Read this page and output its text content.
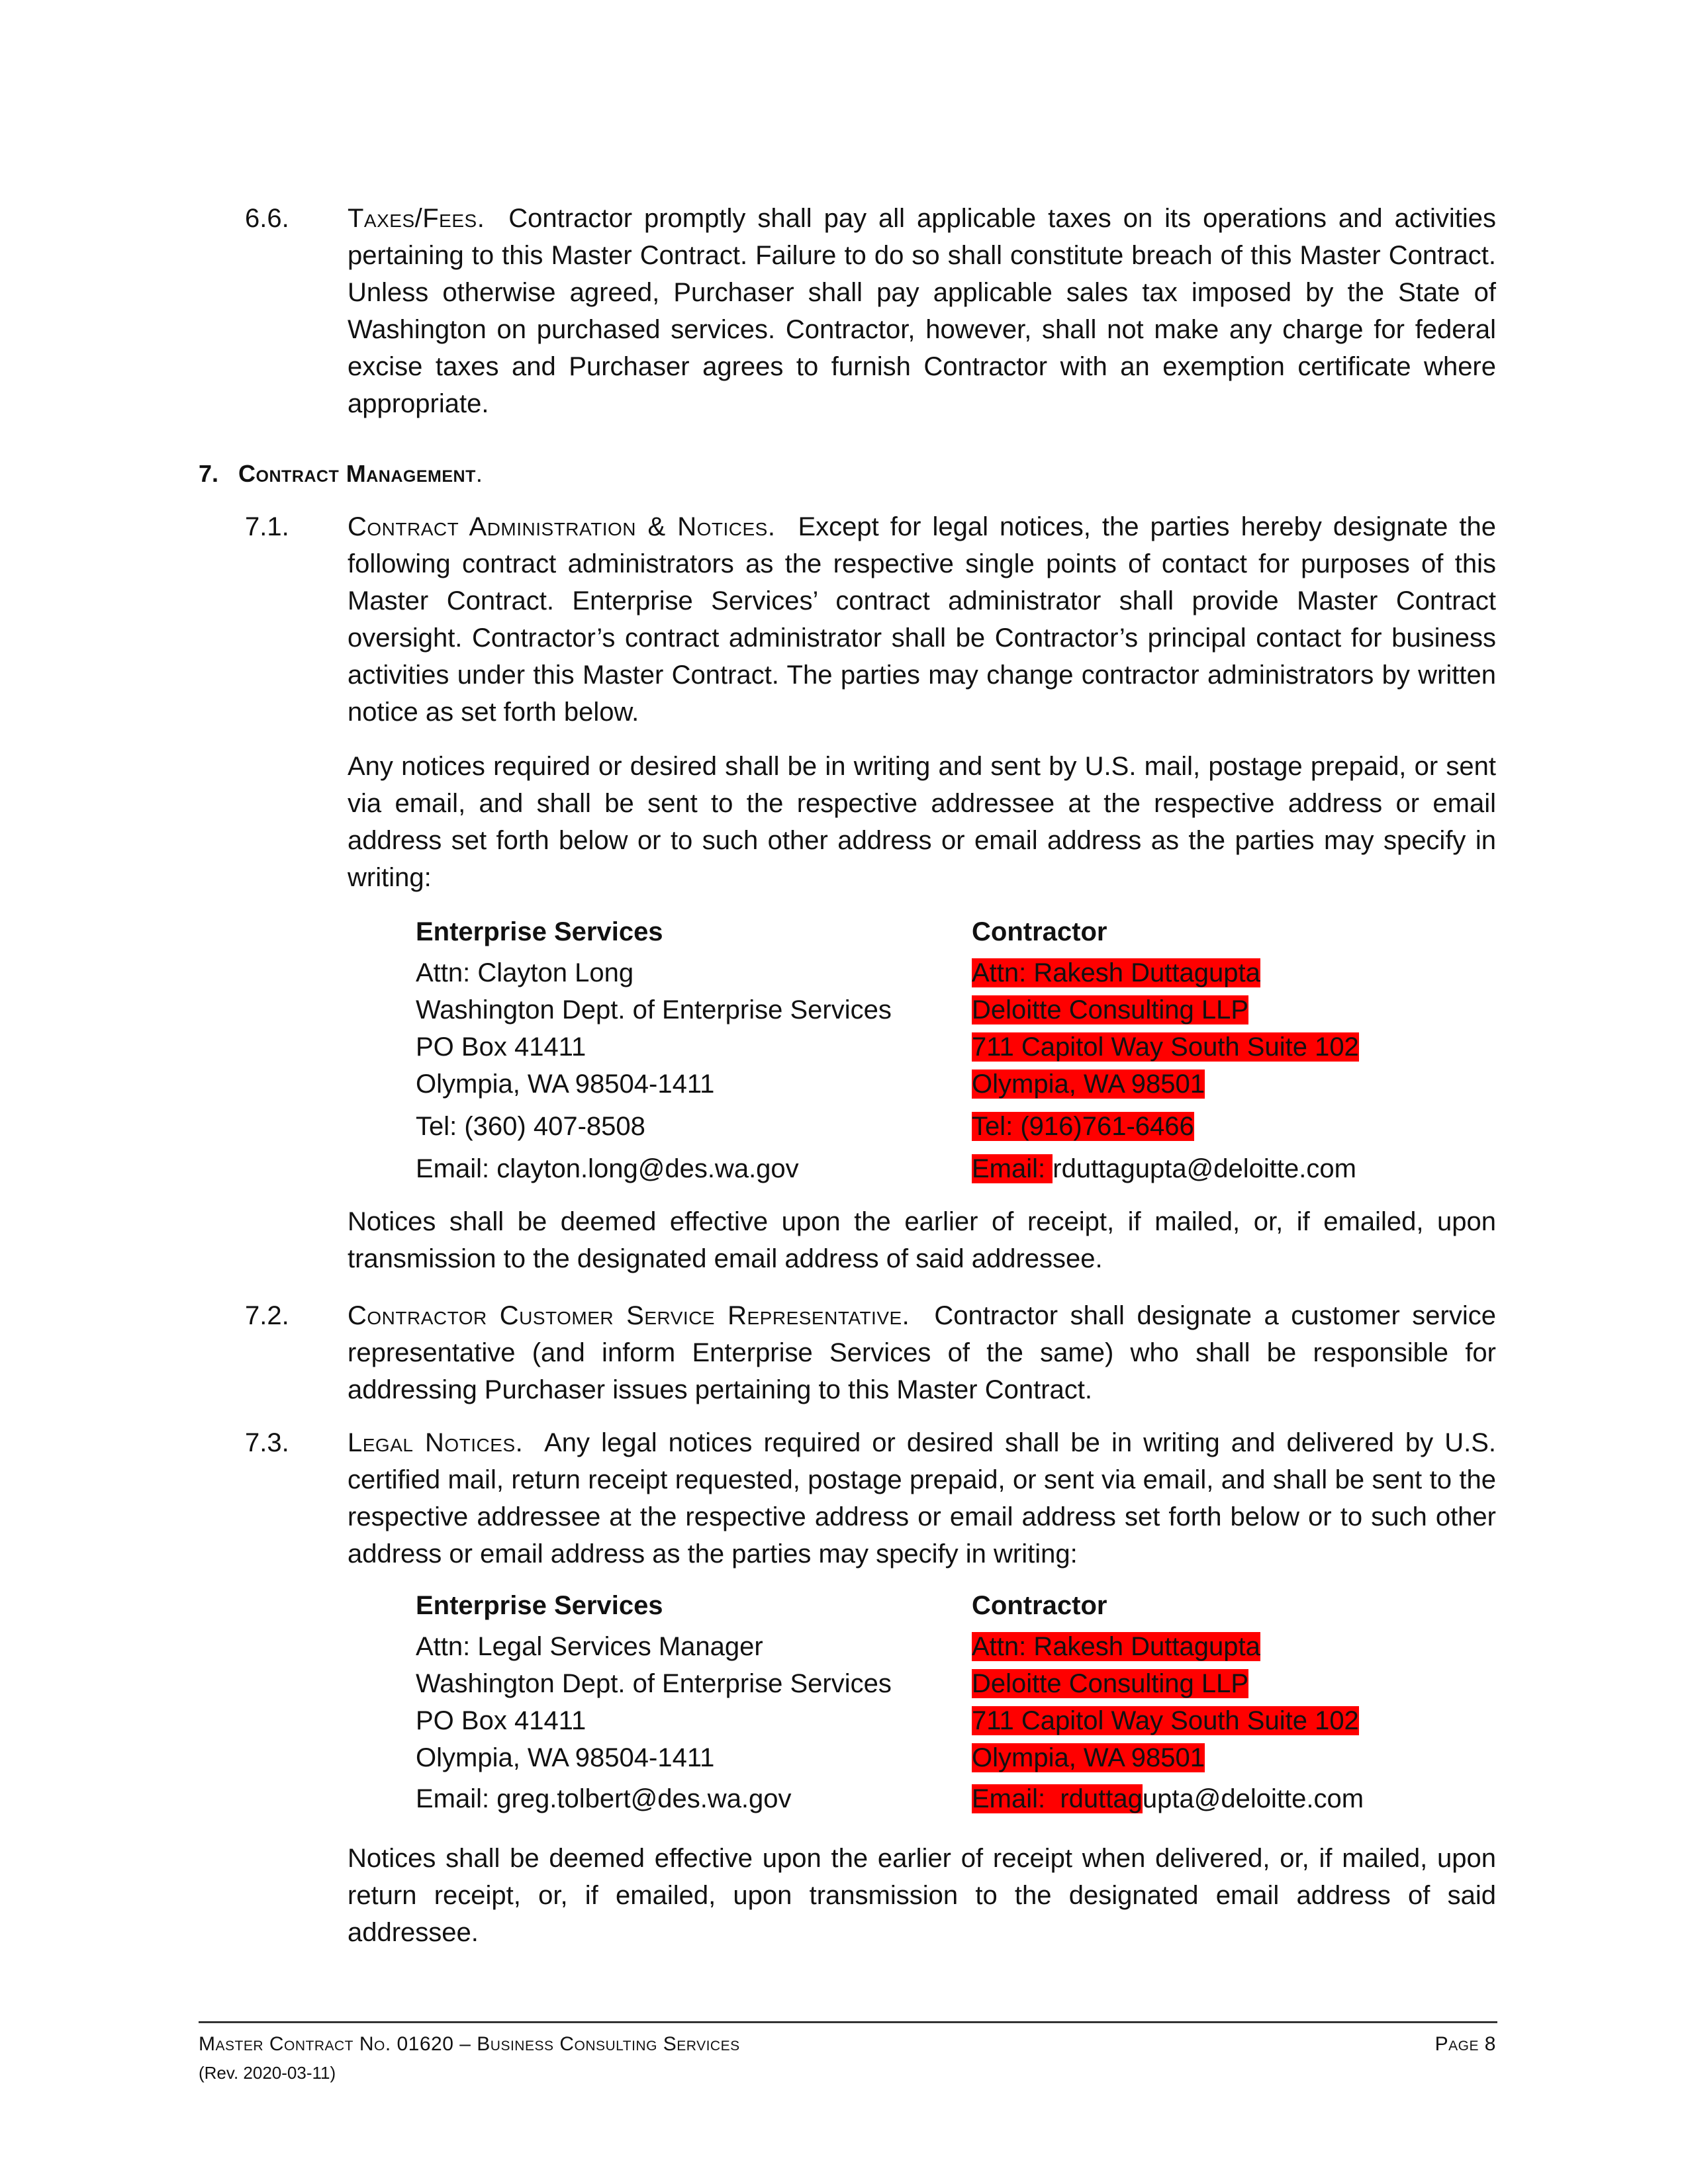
6.6. Taxes/Fees. Contractor promptly shall pay all applicable taxes on its operations and activities pertaining to this Master Contract. Failure to do so shall constitute breach of this Master Contract. Unless otherwise agreed, Purchaser shall pay applicable sales tax imposed by the State of Washington on purchased services. Contractor, however, shall not make any charge for federal excise taxes and Purchaser agrees to furnish Contractor with an exemption certificate where appropriate.
7. Contract Management.
7.1. Contract Administration & Notices. Except for legal notices, the parties hereby designate the following contract administrators as the respective single points of contact for purposes of this Master Contract. Enterprise Services’ contract administrator shall provide Master Contract oversight. Contractor’s contract administrator shall be Contractor’s principal contact for business activities under this Master Contract. The parties may change contractor administrators by written notice as set forth below.
Any notices required or desired shall be in writing and sent by U.S. mail, postage prepaid, or sent via email, and shall be sent to the respective addressee at the respective address or email address set forth below or to such other address or email address as the parties may specify in writing:
Enterprise Services
Attn: Clayton Long
Washington Dept. of Enterprise Services
PO Box 41411
Olympia, WA 98504-1411
Tel: (360) 407-8508
Email: clayton.long@des.wa.gov
Contractor
Attn: Rakesh Duttagupta
Deloitte Consulting LLP
711 Capitol Way South Suite 102
Olympia, WA 98501
Tel: (916)761-6466
Email: rduttagupta@deloitte.com
Notices shall be deemed effective upon the earlier of receipt, if mailed, or, if emailed, upon transmission to the designated email address of said addressee.
7.2. Contractor Customer Service Representative. Contractor shall designate a customer service representative (and inform Enterprise Services of the same) who shall be responsible for addressing Purchaser issues pertaining to this Master Contract.
7.3. Legal Notices. Any legal notices required or desired shall be in writing and delivered by U.S. certified mail, return receipt requested, postage prepaid, or sent via email, and shall be sent to the respective addressee at the respective address or email address set forth below or to such other address or email address as the parties may specify in writing:
Enterprise Services
Attn: Legal Services Manager
Washington Dept. of Enterprise Services
PO Box 41411
Olympia, WA 98504-1411
Email: greg.tolbert@des.wa.gov
Contractor
Attn: Rakesh Duttagupta
Deloitte Consulting LLP
711 Capitol Way South Suite 102
Olympia, WA 98501
Email:  rduttagupta@deloitte.com
Notices shall be deemed effective upon the earlier of receipt when delivered, or, if mailed, upon return receipt, or, if emailed, upon transmission to the designated email address of said addressee.
Master Contract No. 01620 – Business Consulting Services
(Rev. 2020-03-11)
Page 8
